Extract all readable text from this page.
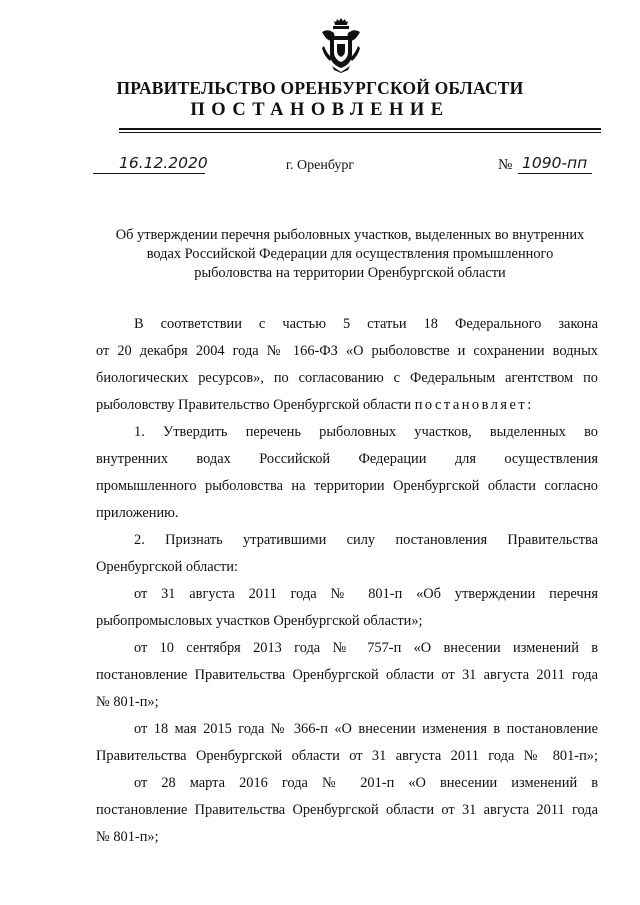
ПРАВИТЕЛЬСТВО ОРЕНБУРГСКОЙ ОБЛАСТИ
ПОСТАНОВЛЕНИЕ
16.12.2020	г. Оренбург	№ 1090-пп
Об утверждении перечня рыболовных участков, выделенных во внутренних
водах Российской Федерации для осуществления промышленного
рыболовства на территории Оренбургской области
В соответствии с частью 5 статьи 18 Федерального закона
от 20 декабря 2004 года № 166-ФЗ «О рыболовстве и сохранении водных
биологических ресурсов», по согласованию с Федеральным агентством по
рыболовству Правительство Оренбургской области постановляет:
1. Утвердить перечень рыболовных участков, выделенных во
внутренних водах Российской Федерации для осуществления
промышленного рыболовства на территории Оренбургской области согласно
приложению.
2. Признать утратившими силу постановления Правительства
Оренбургской области:
от 31 августа 2011 года № 801-п «Об утверждении перечня
рыбопромысловых участков Оренбургской области»;
от 10 сентября 2013 года № 757-п «О внесении изменений в
постановление Правительства Оренбургской области от 31 августа 2011 года
№ 801-п»;
от 18 мая 2015 года № 366-п «О внесении изменения в постановление
Правительства Оренбургской области от 31 августа 2011 года № 801-п»;
от 28 марта 2016 года № 201-п «О внесении изменений в
постановление Правительства Оренбургской области от 31 августа 2011 года
№ 801-п»;
